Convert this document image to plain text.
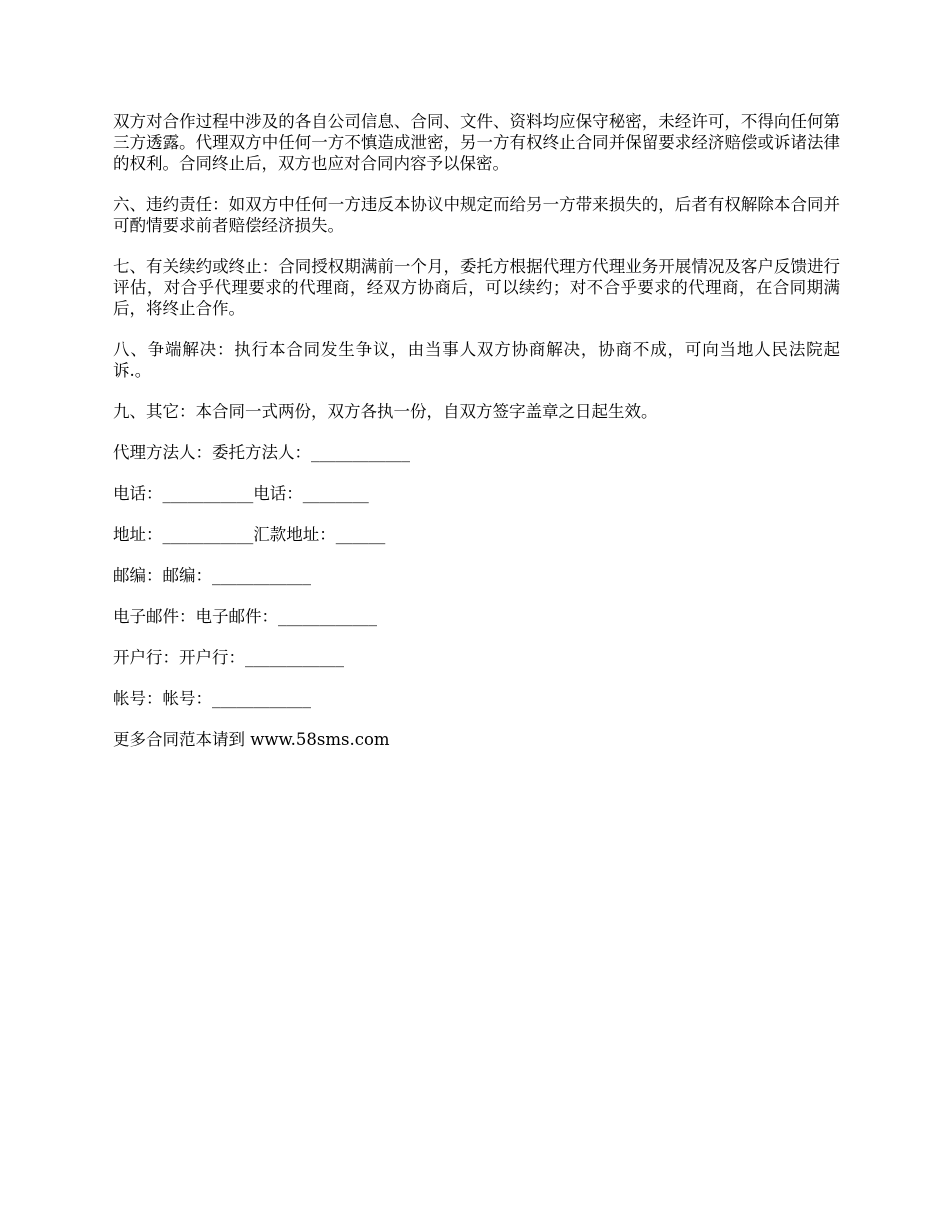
双方对合作过程中涉及的各自公司信息、合同、文件、资料均应保守秘密，未经许可，不得向任何第三方透露。代理双方中任何一方不慎造成泄密，另一方有权终止合同并保留要求经济赔偿或诉诸法律的权利。合同终止后，双方也应对合同内容予以保密。

六、违约责任：如双方中任何一方违反本协议中规定而给另一方带来损失的，后者有权解除本合同并可酌情要求前者赔偿经济损失。

七、有关续约或终止：合同授权期满前一个月，委托方根据代理方代理业务开展情况及客户反馈进行评估，对合乎代理要求的代理商，经双方协商后，可以续约；对不合乎要求的代理商，在合同期满后，将终止合作。

八、争端解决：执行本合同发生争议，由当事人双方协商解决，协商不成，可向当地人民法院起诉.。

九、其它：本合同一式两份，双方各执一份，自双方签字盖章之日起生效。

代理方法人：委托方法人：____________
电话：___________电话：________
地址：___________汇款地址：______
邮编：邮编：____________
电子邮件：电子邮件：____________
开户行：开户行：____________
帐号：帐号：____________

更多合同范本请到 www.58sms.com
